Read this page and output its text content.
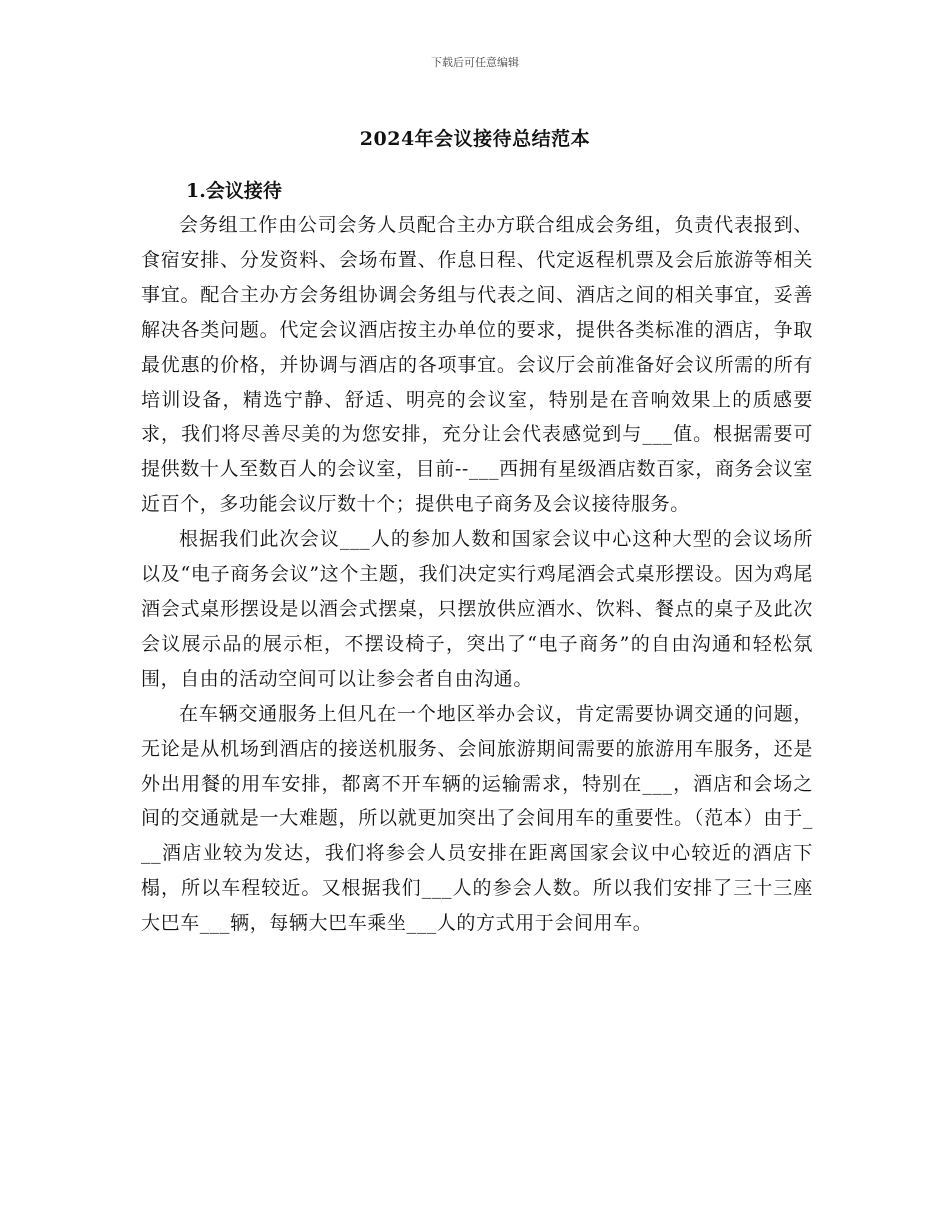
下载后可任意编辑
2024年会议接待总结范本
1.会议接待

会务组工作由公司会务人员配合主办方联合组成会务组，负责代表报到、食宿安排、分发资料、会场布置、作息日程、代定返程机票及会后旅游等相关事宜。配合主办方会务组协调会务组与代表之间、酒店之间的相关事宜，妥善解决各类问题。代定会议酒店按主办单位的要求，提供各类标准的酒店，争取最优惠的价格，并协调与酒店的各项事宜。会议厅会前准备好会议所需的所有培训设备，精选宁静、舒适、明亮的会议室，特别是在音响效果上的质感要求，我们将尽善尽美的为您安排，充分让会代表感觉到与___值。根据需要可提供数十人至数百人的会议室，目前--___西拥有星级酒店数百家，商务会议室近百个，多功能会议厅数十个；提供电子商务及会议接待服务。

根据我们此次会议___人的参加人数和国家会议中心这种大型的会议场所以及“电子商务会议”这个主题，我们决定实行鸡尾酒会式桌形摆设。因为鸡尾酒会式桌形摆设是以酒会式摆桌，只摆放供应酒水、饮料、餐点的桌子及此次会议展示品的展示柜，不摆设椅子，突出了“电子商务”的自由沟通和轻松氛围，自由的活动空间可以让参会者自由沟通。

在车辆交通服务上但凡在一个地区举办会议，肯定需要协调交通的问题，无论是从机场到酒店的接送机服务、会间旅游期间需要的旅游用车服务，还是外出用餐的用车安排，都离不开车辆的运输需求，特别在___，酒店和会场之间的交通就是一大难题，所以就更加突出了会间用车的重要性。（范本）由于___酒店业较为发达，我们将参会人员安排在距离国家会议中心较近的酒店下榻，所以车程较近。又根据我们___人的参会人数。所以我们安排了三十三座大巴车___辆，每辆大巴车乘坐___人的方式用于会间用车。
